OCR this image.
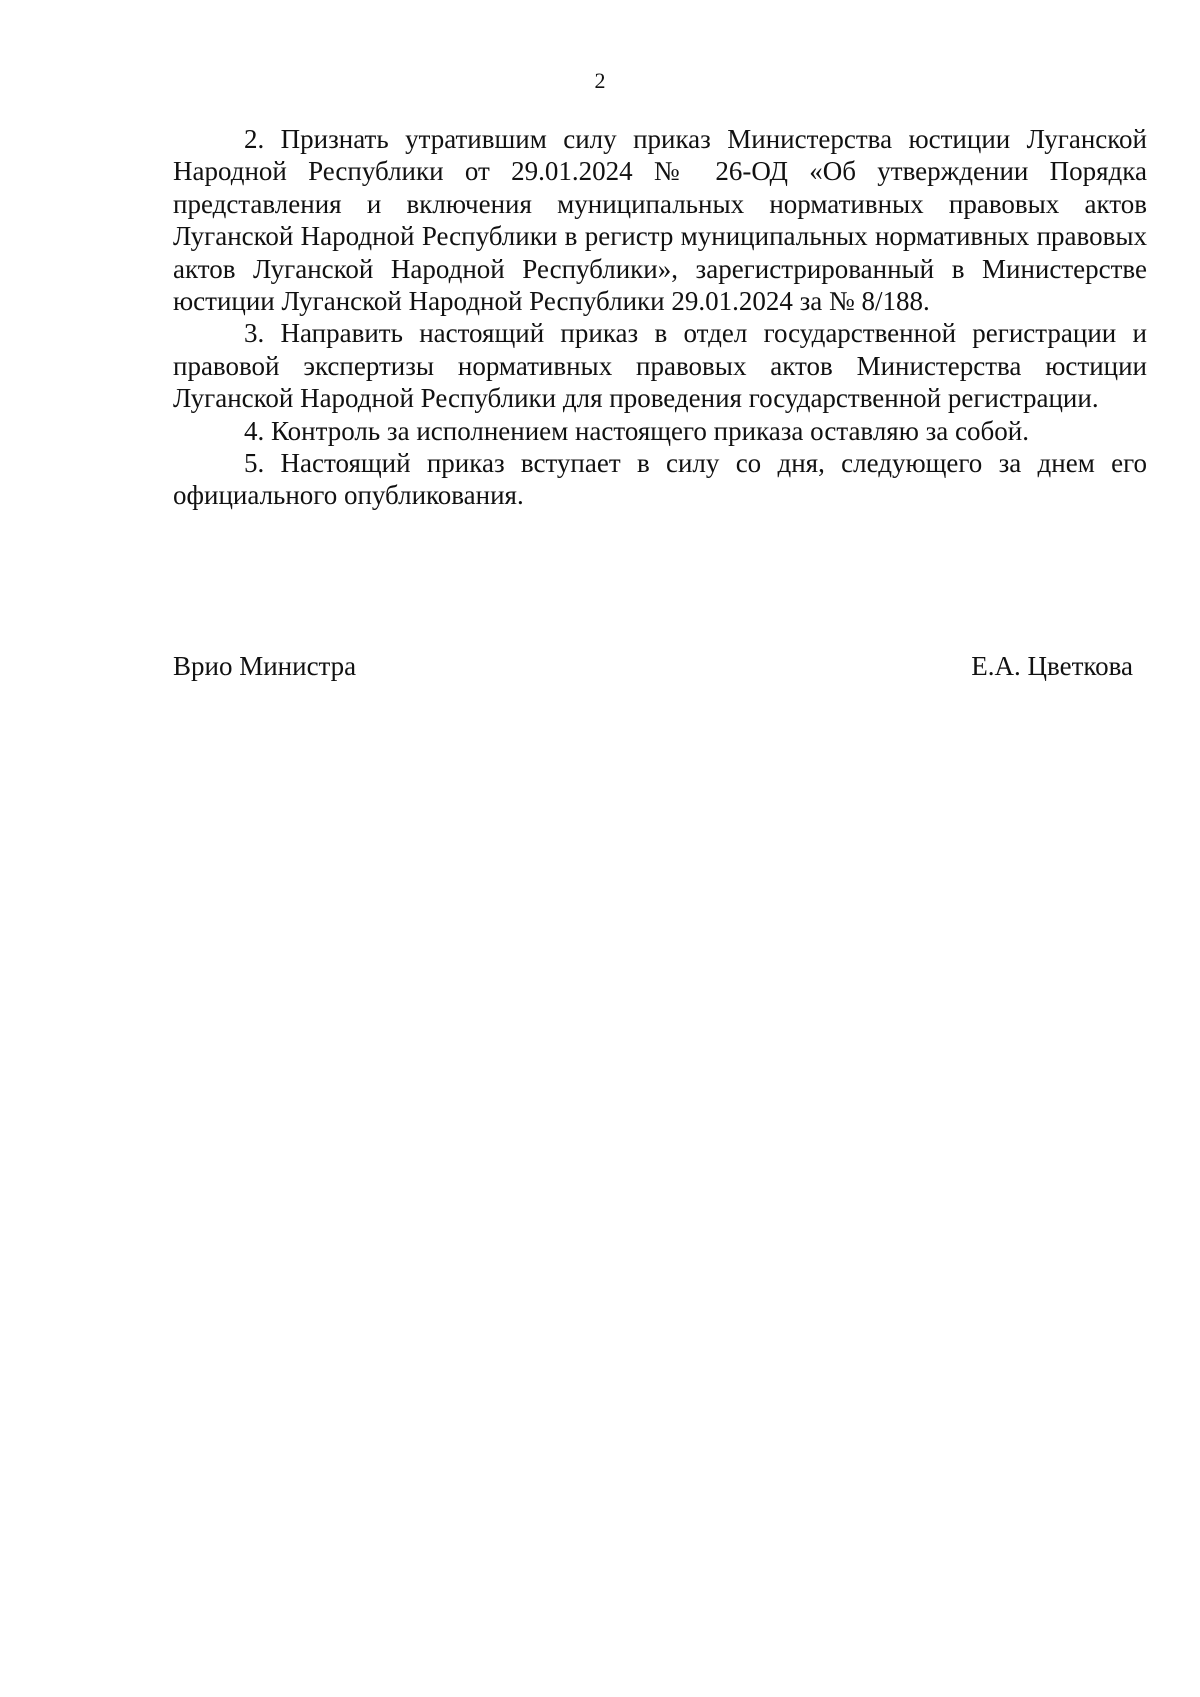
2

2. Признать утратившим силу приказ Министерства юстиции Луганской Народной Республики от 29.01.2024 № 26-ОД «Об утверждении Порядка представления и включения муниципальных нормативных правовых актов Луганской Народной Республики в регистр муниципальных нормативных правовых актов Луганской Народной Республики», зарегистрированный в Министерстве юстиции Луганской Народной Республики 29.01.2024 за № 8/188.

3. Направить настоящий приказ в отдел государственной регистрации и правовой экспертизы нормативных правовых актов Министерства юстиции Луганской Народной Республики для проведения государственной регистрации.

4. Контроль за исполнением настоящего приказа оставляю за собой.

5. Настоящий приказ вступает в силу со дня, следующего за днем его официального опубликования.

Врио Министра	Е.А. Цветкова
